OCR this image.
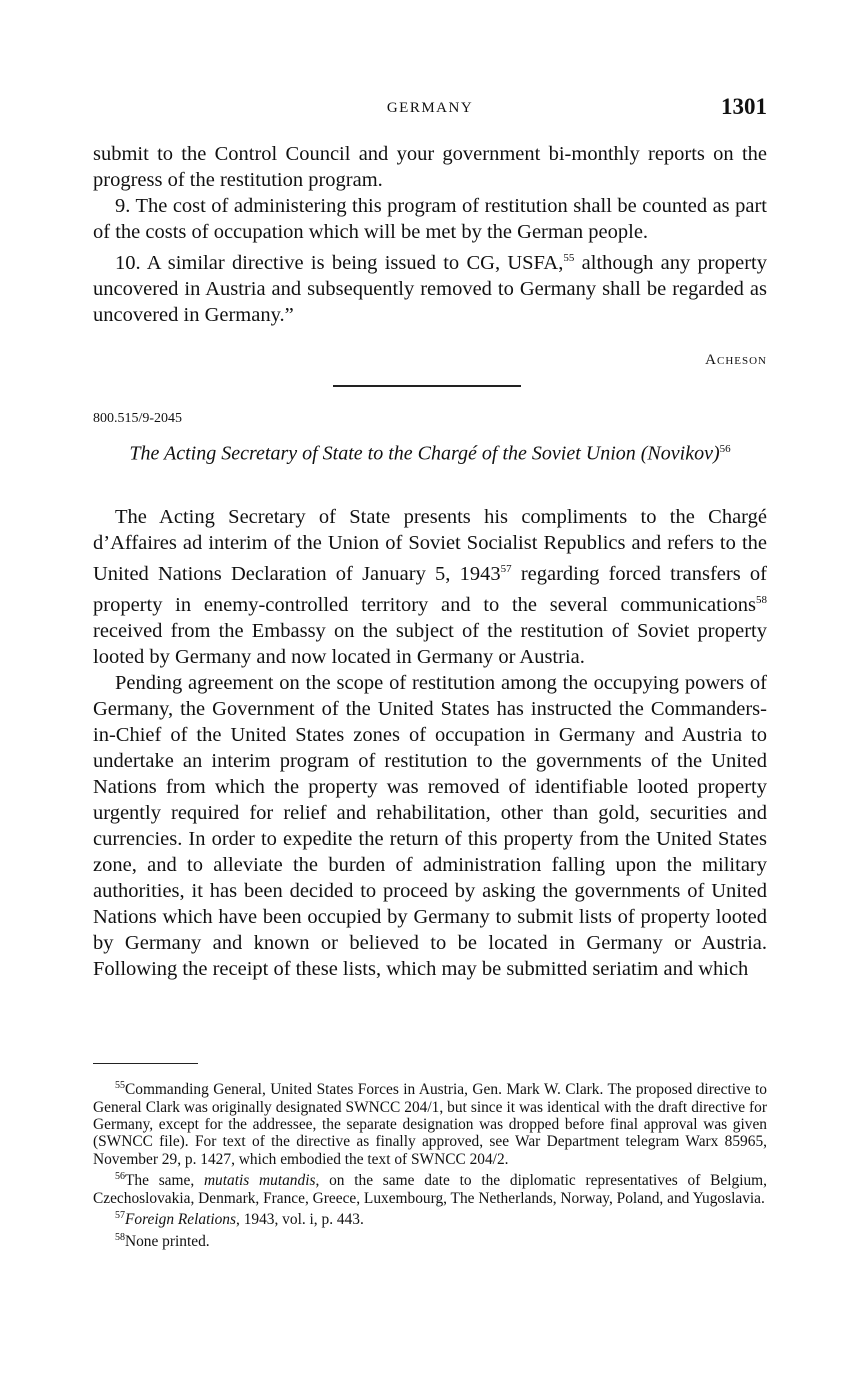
GERMANY	1301

submit to the Control Council and your government bi-monthly reports on the progress of the restitution program.

9. The cost of administering this program of restitution shall be counted as part of the costs of occupation which will be met by the German people.

10. A similar directive is being issued to CG, USFA,$^{55}$ although any property uncovered in Austria and subsequently removed to Germany shall be regarded as uncovered in Germany.”

Acheson
800.515/9-2045
The Acting Secretary of State to the Chargé of the Soviet Union (Novikov)$^{56}$

The Acting Secretary of State presents his compliments to the Chargé d’Affaires ad interim of the Union of Soviet Socialist Republics and refers to the United Nations Declaration of January 5, 1943$^{57}$ regarding forced transfers of property in enemy-controlled territory and to the several communications$^{58}$ received from the Embassy on the subject of the restitution of Soviet property looted by Germany and now located in Germany or Austria.

Pending agreement on the scope of restitution among the occupying powers of Germany, the Government of the United States has instructed the Commanders-in-Chief of the United States zones of occupation in Germany and Austria to undertake an interim program of restitution to the governments of the United Nations from which the property was removed of identifiable looted property urgently required for relief and rehabilitation, other than gold, securities and currencies. In order to expedite the return of this property from the United States zone, and to alleviate the burden of administration falling upon the military authorities, it has been decided to proceed by asking the governments of United Nations which have been occupied by Germany to submit lists of property looted by Germany and known or believed to be located in Germany or Austria. Following the receipt of these lists, which may be submitted seriatim and which

$^{55}$Commanding General, United States Forces in Austria, Gen. Mark W. Clark. The proposed directive to General Clark was originally designated SWNCC 204/1, but since it was identical with the draft directive for Germany, except for the addressee, the separate designation was dropped before final approval was given (SWNCC file). For text of the directive as finally approved, see War Department telegram Warx 85965, November 29, p. 1427, which embodied the text of SWNCC 204/2.

$^{56}$The same, mutatis mutandis, on the same date to the diplomatic representatives of Belgium, Czechoslovakia, Denmark, France, Greece, Luxembourg, The Netherlands, Norway, Poland, and Yugoslavia.

$^{57}$Foreign Relations, 1943, vol. i, p. 443.

$^{58}$None printed.
